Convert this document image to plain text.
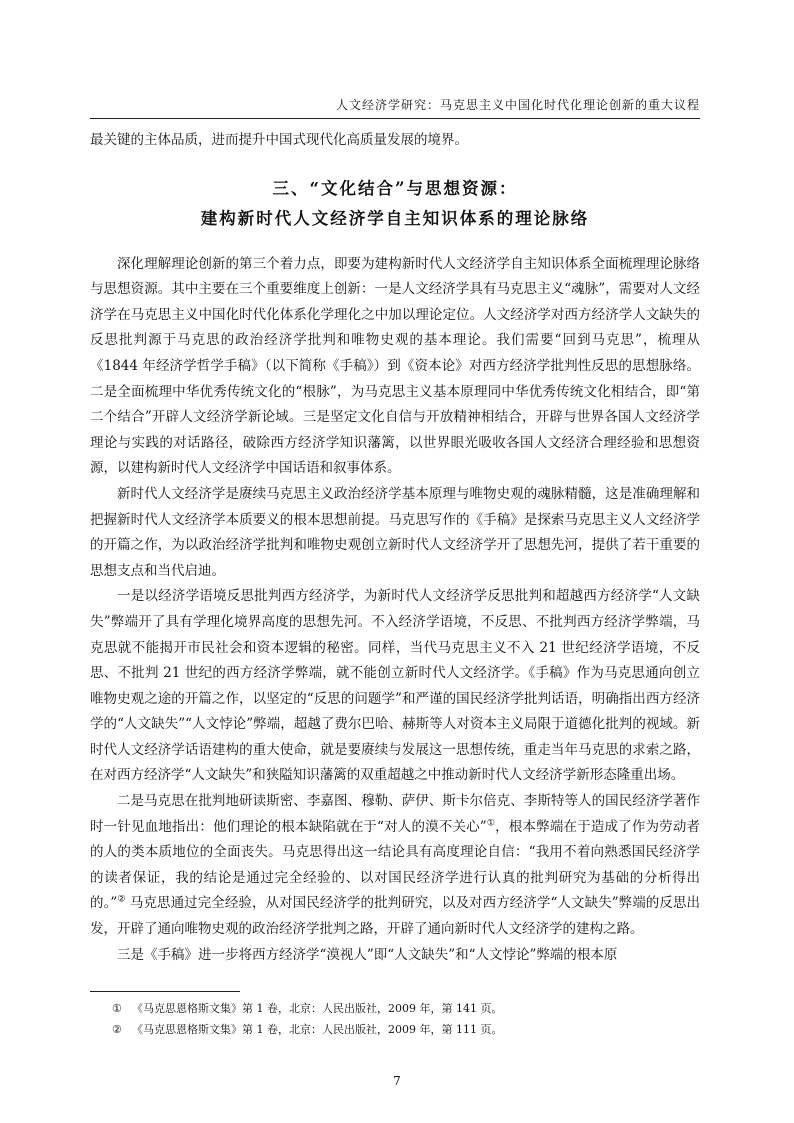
人文经济学研究：马克思主义中国化时代化理论创新的重大议程

最关键的主体品质，进而提升中国式现代化高质量发展的境界。

三、“文化结合”与思想资源：
建构新时代人文经济学自主知识体系的理论脉络

深化理解理论创新的第三个着力点，即要为建构新时代人文经济学自主知识体系全面梳理理论脉络与思想资源。其中主要在三个重要维度上创新：一是人文经济学具有马克思主义“魂脉”，需要对人文经济学在马克思主义中国化时代化体系化学理化之中加以理论定位。人文经济学对西方经济学人文缺失的反思批判源于马克思的政治经济学批判和唯物史观的基本理论。我们需要“回到马克思”，梳理从《1844 年经济学哲学手稿》（以下简称《手稿》）到《资本论》对西方经济学批判性反思的思想脉络。二是全面梳理中华优秀传统文化的“根脉”，为马克思主义基本原理同中华优秀传统文化相结合，即“第二个结合”开辟人文经济学新论域。三是坚定文化自信与开放精神相结合，开辟与世界各国人文经济学理论与实践的对话路径，破除西方经济学知识藩篱，以世界眼光吸收各国人文经济合理经验和思想资源，以建构新时代人文经济学中国话语和叙事体系。

新时代人文经济学是赓续马克思主义政治经济学基本原理与唯物史观的魂脉精髓，这是准确理解和把握新时代人文经济学本质要义的根本思想前提。马克思写作的《手稿》是探索马克思主义人文经济学的开篇之作，为以政治经济学批判和唯物史观创立新时代人文经济学开了思想先河，提供了若干重要的思想支点和当代启迪。

一是以经济学语境反思批判西方经济学，为新时代人文经济学反思批判和超越西方经济学“人文缺失”弊端开了具有学理化境界高度的思想先河。不入经济学语境，不反思、不批判西方经济学弊端，马克思就不能揭开市民社会和资本逻辑的秘密。同样，当代马克思主义不入 21 世纪经济学语境，不反思、不批判 21 世纪的西方经济学弊端，就不能创立新时代人文经济学。《手稿》作为马克思通向创立唯物史观之途的开篇之作，以坚定的“反思的问题学”和严谨的国民经济学批判话语，明确指出西方经济学的“人文缺失”“人文悖论”弊端，超越了费尔巴哈、赫斯等人对资本主义局限于道德化批判的视域。新时代人文经济学话语建构的重大使命，就是要赓续与发展这一思想传统，重走当年马克思的求索之路，在对西方经济学“人文缺失”和狭隘知识藩篱的双重超越之中推动新时代人文经济学新形态隆重出场。

二是马克思在批判地研读斯密、李嘉图、穆勒、萨伊、斯卡尔倍克、李斯特等人的国民经济学著作时一针见血地指出：他们理论的根本缺陷就在于“对人的漠不关心”①，根本弊端在于造成了作为劳动者的人的类本质地位的全面丧失。马克思得出这一结论具有高度理论自信：“我用不着向熟悉国民经济学的读者保证，我的结论是通过完全经验的、以对国民经济学进行认真的批判研究为基础的分析得出的。”② 马克思通过完全经验，从对国民经济学的批判研究，以及对西方经济学“人文缺失”弊端的反思出发，开辟了通向唯物史观的政治经济学批判之路，开辟了通向新时代人文经济学的建构之路。

三是《手稿》进一步将西方经济学“漠视人”即“人文缺失”和“人文悖论”弊端的根本原

① 《马克思恩格斯文集》第 1 卷，北京：人民出版社，2009 年，第 141 页。
② 《马克思恩格斯文集》第 1 卷，北京：人民出版社，2009 年，第 111 页。
7
